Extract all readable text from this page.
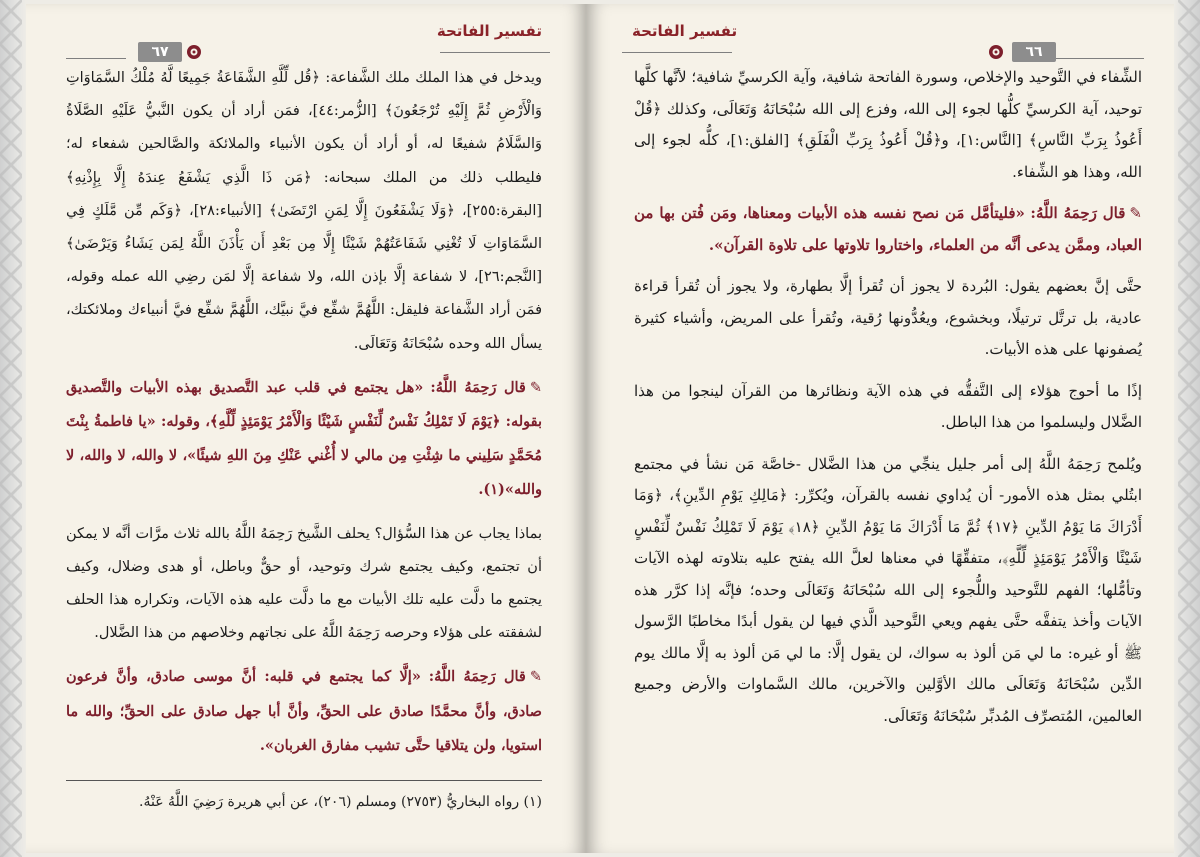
تفسير الفاتحة
٦٧

ويدخل في هذا الملك ملك الشَّفاعة: ﴿قُل لِّلَّهِ الشَّفَاعَةُ جَمِيعًا لَّهُ مُلْكُ السَّمَاوَاتِ وَالْأَرْضِ ثُمَّ إِلَيْهِ تُرْجَعُونَ﴾ [الزُّمر:٤٤]، فمَن أراد أن يكون النَّبيُّ عَلَيْهِ الصَّلَاةُ وَالسَّلَامُ شفيعًا له، أو أراد أن يكون الأنبياء والملائكة والصَّالحين شفعاء له؛ فليطلب ذلك من الملك سبحانه: ﴿مَن ذَا الَّذِي يَشْفَعُ عِندَهُ إِلَّا بِإِذْنِهِ﴾ [البقرة:٢٥٥]، ﴿وَلَا يَشْفَعُونَ إِلَّا لِمَنِ ارْتَضَىٰ﴾ [الأنبياء:٢٨]، ﴿وَكَم مِّن مَّلَكٍ فِي السَّمَاوَاتِ لَا تُغْنِي شَفَاعَتُهُمْ شَيْئًا إِلَّا مِن بَعْدِ أَن يَأْذَنَ اللَّهُ لِمَن يَشَاءُ وَيَرْضَىٰ﴾ [النَّجم:٢٦]، لا شفاعة إلَّا بإذن الله، ولا شفاعة إلَّا لمَن رضِي الله عمله وقوله، فمَن أراد الشَّفاعة فليقل: اللَّهُمَّ شفِّع فيَّ نبيَّك، اللَّهُمَّ شفِّع فيَّ أنبياءك وملائكتك، يسأل الله وحده سُبْحَانَهُ وَتَعَالَى.

✎قال رَحِمَهُ اللَّهُ: «هل يجتمع في قلب عبد التَّصديق بهذه الأبيات والتَّصديق بقوله: ﴿يَوْمَ لَا تَمْلِكُ نَفْسٌ لِّنَفْسٍ شَيْئًا وَالْأَمْرُ يَوْمَئِذٍ لِّلَّهِ﴾، وقوله: «يا فاطمةُ بِنْتَ مُحَمَّدٍ سَلِيني ما شِئْتِ مِن مالي لا أُغْني عَنْكِ مِنَ اللهِ شيئًا»، لا والله، لا والله، لا والله»(١).

بماذا يجاب عن هذا السُّؤال؟ يحلف الشَّيخ رَحِمَهُ اللَّهُ بالله ثلاث مرَّات أنَّه لا يمكن أن تجتمع، وكيف يجتمع شرك وتوحيد، أو حقٌّ وباطل، أو هدى وضلال، وكيف يجتمع ما دلَّت عليه تلك الأبيات مع ما دلَّت عليه هذه الآيات، وتكراره هذا الحلف لشفقته على هؤلاء وحرصه رَحِمَهُ اللَّهُ على نجاتهم وخلاصهم من هذا الضَّلال.

✎قال رَحِمَهُ اللَّهُ: «إلَّا كما يجتمع في قلبه: أنَّ موسى صادق، وأنَّ فرعون صادق، وأنَّ محمَّدًا صادق على الحقِّ، وأنَّ أبا جهل صادق على الحقِّ؛ والله ما استويا، ولن يتلاقيا حتَّى تشيب مفارق الغربان».

(١) رواه البخاريُّ (٢٧٥٣) ومسلم (٢٠٦)، عن أبي هريرة رَضِيَ اللَّهُ عَنْهُ.
تفسير الفاتحة
٦٦

الشِّفاء في التَّوحيد والإخلاص، وسورة الفاتحة شافية، وآية الكرسيِّ شافية؛ لأنَّها كلَّها توحيد، آية الكرسيِّ كلُّها لجوء إلى الله، وفزع إلى الله سُبْحَانَهُ وَتَعَالَى، وكذلك ﴿قُلْ أَعُوذُ بِرَبِّ النَّاسِ﴾ [النَّاس:١]، و﴿قُلْ أَعُوذُ بِرَبِّ الْفَلَقِ﴾ [الفلق:١]، كلُّه لجوء إلى الله، وهذا هو الشِّفاء.

✎قال رَحِمَهُ اللَّهُ: «فليتأمَّل مَن نصح نفسه هذه الأبيات ومعناها، ومَن فُتن بها من العباد، وممَّن يدعى أنَّه من العلماء، واختاروا تلاوتها على تلاوة القرآن».

حتَّى إنَّ بعضهم يقول: البُردة لا يجوز أن تُقرأ إلَّا بطهارة، ولا يجوز أن تُقرأ قراءة عادية، بل ترتَّل ترتيلًا، وبخشوع، ويعُدُّونها رُقية، وتُقرأ على المريض، وأشياء كثيرة يُصفونها على هذه الأبيات.

إذًا ما أحوج هؤلاء إلى التَّفقُّه في هذه الآية ونظائرها من القرآن لينجوا من هذا الضَّلال وليسلموا من هذا الباطل.

ويُلمح رَحِمَهُ اللَّهُ إلى أمر جليل ينجِّي من هذا الضَّلال -خاصَّة مَن نشأ في مجتمع ابتُلي بمثل هذه الأمور- أن يُداوي نفسه بالقرآن، ويُكرِّر: ﴿مَالِكِ يَوْمِ الدِّينِ﴾، ﴿وَمَا أَدْرَاكَ مَا يَوْمُ الدِّينِ ﴿١٧﴾ ثُمَّ مَا أَدْرَاكَ مَا يَوْمُ الدِّينِ ﴿١٨﴾ يَوْمَ لَا تَمْلِكُ نَفْسٌ لِّنَفْسٍ شَيْئًا وَالْأَمْرُ يَوْمَئِذٍ لِّلَّهِ﴾، متفقِّهًا في معناها لعلَّ الله يفتح عليه بتلاوته لهذه الآيات وتأمُّلها؛ الفهم للتَّوحيد واللُّجوء إلى الله سُبْحَانَهُ وَتَعَالَى وحده؛ فإنَّه إذا كرَّر هذه الآيات وأخذ يتفقَّه حتَّى يفهم ويعي التَّوحيد الَّذي فيها لن يقول أبدًا مخاطبًا الرَّسول ﷺ أو غيره: ما لي مَن ألوذ به سواك، لن يقول إلَّا: ما لي مَن ألوذ به إلَّا مالك يوم الدِّين سُبْحَانَهُ وَتَعَالَى مالك الأوَّلين والآخرين، مالك السَّماوات والأرض وجميع العالمين، المُتصرِّف المُدبِّر سُبْحَانَهُ وَتَعَالَى.
